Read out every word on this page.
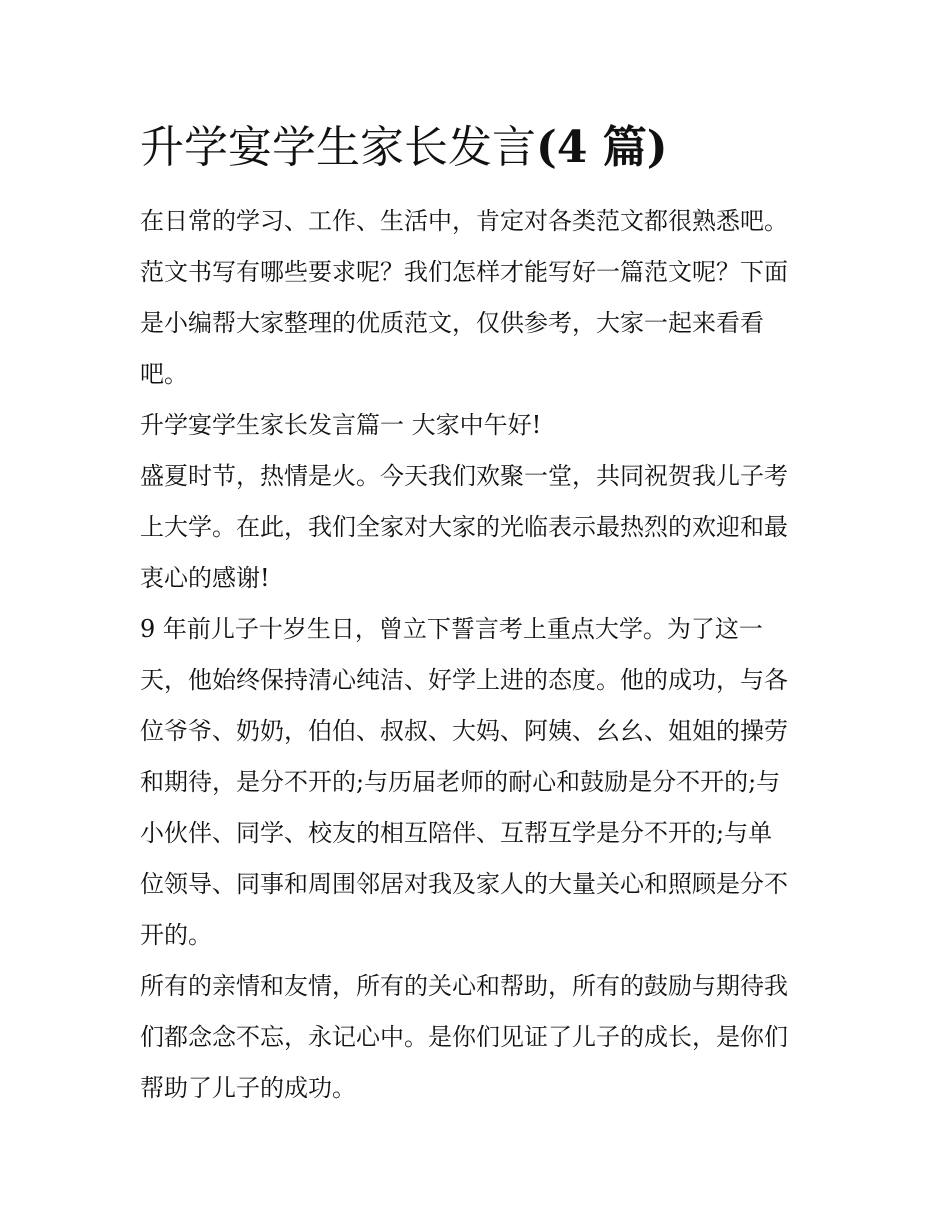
升学宴学生家长发言(4 篇)
在日常的学习、工作、生活中，肯定对各类范文都很熟悉吧。
范文书写有哪些要求呢？我们怎样才能写好一篇范文呢？下面
是小编帮大家整理的优质范文，仅供参考，大家一起来看看
吧。
升学宴学生家长发言篇一 大家中午好!
盛夏时节，热情是火。今天我们欢聚一堂，共同祝贺我儿子考
上大学。在此，我们全家对大家的光临表示最热烈的欢迎和最
衷心的感谢!
9 年前儿子十岁生日，曾立下誓言考上重点大学。为了这一
天，他始终保持清心纯洁、好学上进的态度。他的成功，与各
位爷爷、奶奶，伯伯、叔叔、大妈、阿姨、幺幺、姐姐的操劳
和期待，是分不开的;与历届老师的耐心和鼓励是分不开的;与
小伙伴、同学、校友的相互陪伴、互帮互学是分不开的;与单
位领导、同事和周围邻居对我及家人的大量关心和照顾是分不
开的。
所有的亲情和友情，所有的关心和帮助，所有的鼓励与期待我
们都念念不忘，永记心中。是你们见证了儿子的成长，是你们
帮助了儿子的成功。
